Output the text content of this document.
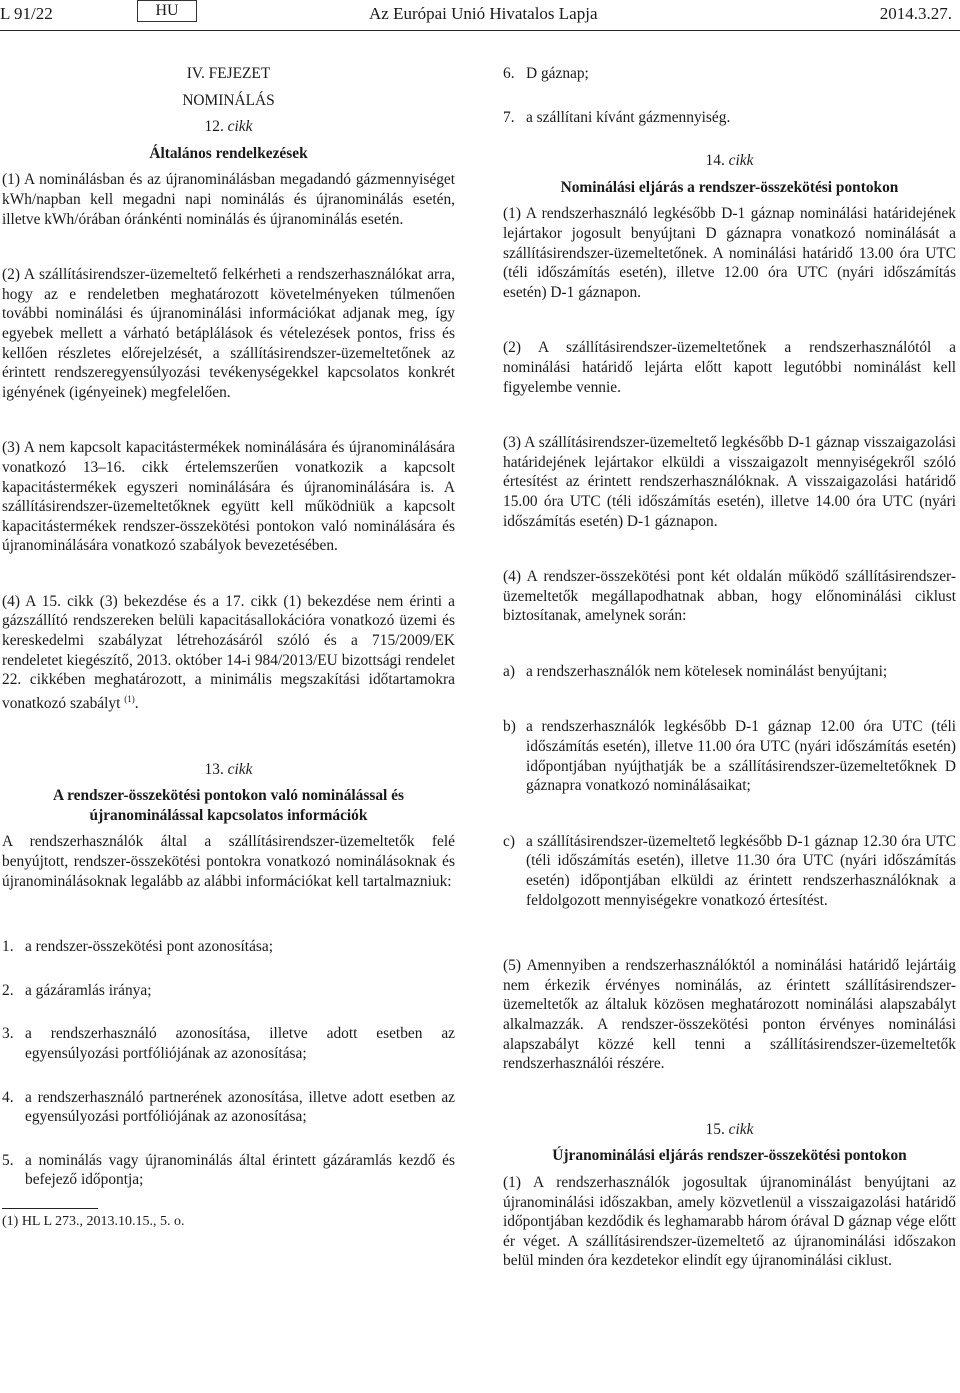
L 91/22	HU	Az Európai Unió Hivatalos Lapja	2014.3.27.

IV. FEJEZET

NOMINÁLÁS

12. cikk

Általános rendelkezések

(1) A nominálásban és az újranominálásban megadandó gázmennyiséget kWh/napban kell megadni napi nominálás és újranominálás esetén, illetve kWh/órában óránkénti nominálás és újranominálás esetén.

(2) A szállításirendszer-üzemeltető felkérheti a rendszerhasználókat arra, hogy az e rendeletben meghatározott követelményeken túlmenően további nominálási és újranominálási információkat adjanak meg, így egyebek mellett a várható betáplálások és vételezések pontos, friss és kellően részletes előrejelzését, a szállításirendszer-üzemeltetőnek az érintett rendszeregyensúlyozási tevékenységekkel kapcsolatos konkrét igényének (igényeinek) megfelelően.

(3) A nem kapcsolt kapacitástermékek nominálására és újranominálására vonatkozó 13–16. cikk értelemszerűen vonatkozik a kapcsolt kapacitástermékek egyszeri nominálására és újranominálására is. A szállításirendszer-üzemeltetőknek együtt kell működniük a kapcsolt kapacitástermékek rendszer-összekötési pontokon való nominálására és újranominálására vonatkozó szabályok bevezetésében.

(4) A 15. cikk (3) bekezdése és a 17. cikk (1) bekezdése nem érinti a gázszállító rendszereken belüli kapacitásallokációra vonatkozó üzemi és kereskedelmi szabályzat létrehozásáról szóló és a 715/2009/EK rendeletet kiegészítő, 2013. október 14-i 984/2013/EU bizottsági rendelet 22. cikkében meghatározott, a minimális megszakítási időtartamokra vonatkozó szabályt $^{(1)}$.

13. cikk

A rendszer-összekötési pontokon való nominálással és újranominálással kapcsolatos információk

A rendszerhasználók által a szállításirendszer-üzemeltetők felé benyújtott, rendszer-összekötési pontokra vonatkozó nominálásoknak és újranominálásoknak legalább az alábbi információkat kell tartalmazniuk:

1. a rendszer-összekötési pont azonosítása;
2. a gázáramlás iránya;
3. a rendszerhasználó azonosítása, illetve adott esetben az egyensúlyozási portfóliójának az azonosítása;
4. a rendszerhasználó partnerének azonosítása, illetve adott esetben az egyensúlyozási portfóliójának az azonosítása;
5. a nominálás vagy újranominálás által érintett gázáramlás kezdő és befejező időpontja;

(1) HL L 273., 2013.10.15., 5. o.

6. D gáznap;
7. a szállítani kívánt gázmennyiség.

14. cikk

Nominálási eljárás a rendszer-összekötési pontokon

(1) A rendszerhasználó legkésőbb D-1 gáznap nominálási határidejének lejártakor jogosult benyújtani D gáznapra vonatkozó nominálását a szállításirendszer-üzemeltetőnek. A nominálási határidő 13.00 óra UTC (téli időszámítás esetén), illetve 12.00 óra UTC (nyári időszámítás esetén) D-1 gáznapon.

(2) A szállításirendszer-üzemeltetőnek a rendszerhasználótól a nominálási határidő lejárta előtt kapott legutóbbi nominálást kell figyelembe vennie.

(3) A szállításirendszer-üzemeltető legkésőbb D-1 gáznap visszaigazolási határidejének lejártakor elküldi a visszaigazolt mennyiségekről szóló értesítést az érintett rendszerhasználóknak. A visszaigazolási határidő 15.00 óra UTC (téli időszámítás esetén), illetve 14.00 óra UTC (nyári időszámítás esetén) D-1 gáznapon.

(4) A rendszer-összekötési pont két oldalán működő szállításirendszer-üzemeltetők megállapodhatnak abban, hogy előnominálási ciklust biztosítanak, amelynek során:

a) a rendszerhasználók nem kötelesek nominálást benyújtani;
b) a rendszerhasználók legkésőbb D-1 gáznap 12.00 óra UTC (téli időszámítás esetén), illetve 11.00 óra UTC (nyári időszámítás esetén) időpontjában nyújthatják be a szállításirendszer-üzemeltetőknek D gáznapra vonatkozó nominálásaikat;
c) a szállításirendszer-üzemeltető legkésőbb D-1 gáznap 12.30 óra UTC (téli időszámítás esetén), illetve 11.30 óra UTC (nyári időszámítás esetén) időpontjában elküldi az érintett rendszerhasználóknak a feldolgozott mennyiségekre vonatkozó értesítést.

(5) Amennyiben a rendszerhasználóktól a nominálási határidő lejártáig nem érkezik érvényes nominálás, az érintett szállításirendszer-üzemeltetők az általuk közösen meghatározott nominálási alapszabályt alkalmazzák. A rendszer-összekötési ponton érvényes nominálási alapszabályt közzé kell tenni a szállításirendszer-üzemeltetők rendszerhasználói részére.

15. cikk

Újranominálási eljárás rendszer-összekötési pontokon

(1) A rendszerhasználók jogosultak újranominálást benyújtani az újranominálási időszakban, amely közvetlenül a visszaigazolási határidő időpontjában kezdődik és leghamarabb három órával D gáznap vége előtt ér véget. A szállításirendszer-üzemeltető az újranominálási időszakon belül minden óra kezdetekor elindít egy újranominálási ciklust.
